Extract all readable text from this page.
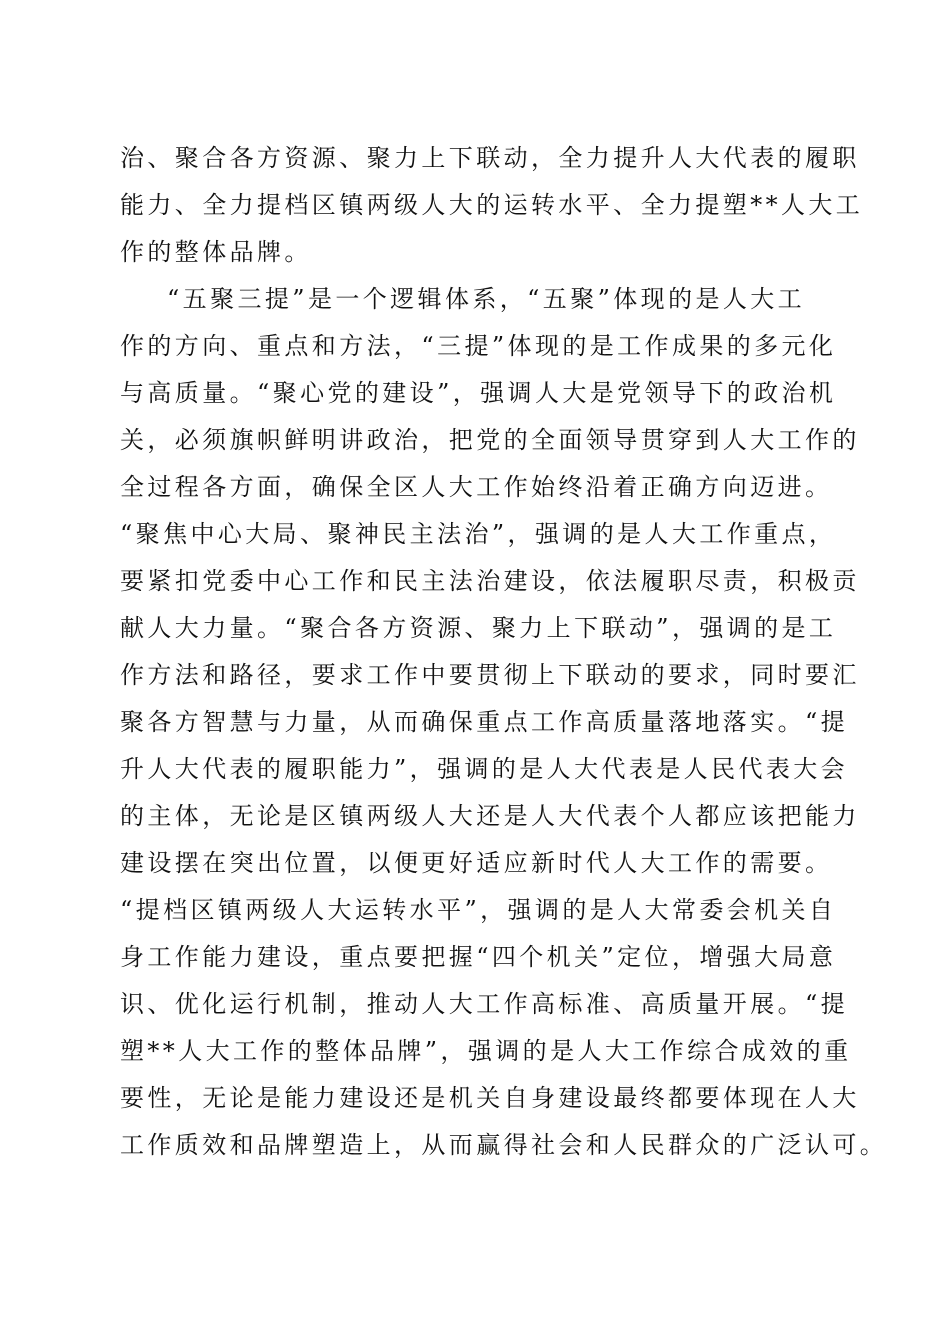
治、聚合各方资源、聚力上下联动，全力提升人大代表的履职

能力、全力提档区镇两级人大的运转水平、全力提塑**人大工

作的整体品牌。

“五聚三提”是一个逻辑体系，“五聚”体现的是人大工

作的方向、重点和方法，“三提”体现的是工作成果的多元化

与高质量。“聚心党的建设”，强调人大是党领导下的政治机

关，必须旗帜鲜明讲政治，把党的全面领导贯穿到人大工作的

全过程各方面，确保全区人大工作始终沿着正确方向迈进。

“聚焦中心大局、聚神民主法治”，强调的是人大工作重点，

要紧扣党委中心工作和民主法治建设，依法履职尽责，积极贡

献人大力量。“聚合各方资源、聚力上下联动”，强调的是工

作方法和路径，要求工作中要贯彻上下联动的要求，同时要汇

聚各方智慧与力量，从而确保重点工作高质量落地落实。“提

升人大代表的履职能力”，强调的是人大代表是人民代表大会

的主体，无论是区镇两级人大还是人大代表个人都应该把能力

建设摆在突出位置，以便更好适应新时代人大工作的需要。

“提档区镇两级人大运转水平”，强调的是人大常委会机关自

身工作能力建设，重点要把握“四个机关”定位，增强大局意

识、优化运行机制，推动人大工作高标准、高质量开展。“提

塑**人大工作的整体品牌”，强调的是人大工作综合成效的重

要性，无论是能力建设还是机关自身建设最终都要体现在人大

工作质效和品牌塑造上，从而赢得社会和人民群众的广泛认可。
